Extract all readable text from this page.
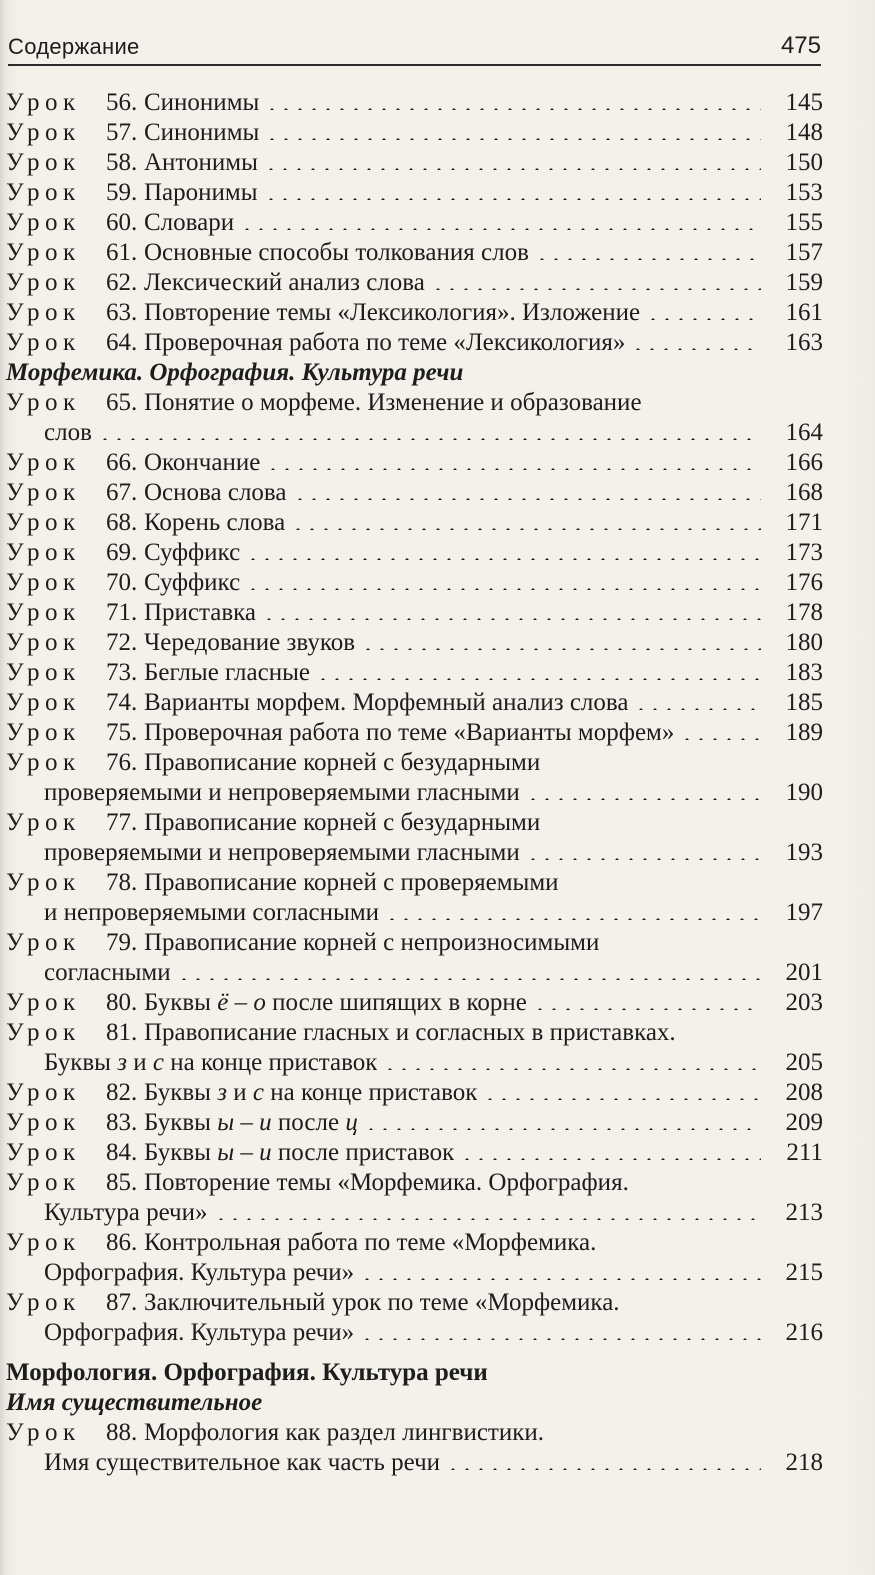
Содержание	475
Урок	56. Синонимы	145
Урок	57. Синонимы	148
Урок	58. Антонимы	150
Урок	59. Паронимы	153
Урок	60. Словари	155
Урок	61. Основные способы толкования слов	157
Урок	62. Лексический анализ слова	159
Урок	63. Повторение темы «Лексикология». Изложение	161
Урок	64. Проверочная работа по теме «Лексикология»	163
Морфемика. Орфография. Культура речи
Урок	65. Понятие о морфеме. Изменение и образование
слов	164
Урок	66. Окончание	166
Урок	67. Основа слова	168
Урок	68. Корень слова	171
Урок	69. Суффикс	173
Урок	70. Суффикс	176
Урок	71. Приставка	178
Урок	72. Чередование звуков	180
Урок	73. Беглые гласные	183
Урок	74. Варианты морфем. Морфемный анализ слова	185
Урок	75. Проверочная работа по теме «Варианты морфем»	189
Урок	76. Правописание корней с безударными
проверяемыми и непроверяемыми гласными	190
Урок	77. Правописание корней с безударными
проверяемыми и непроверяемыми гласными	193
Урок	78. Правописание корней с проверяемыми
и непроверяемыми согласными	197
Урок	79. Правописание корней с непроизносимыми
согласными	201
Урок	80. Буквы ё – о после шипящих в корне	203
Урок	81. Правописание гласных и согласных в приставках.
Буквы з и с на конце приставок	205
Урок	82. Буквы з и с на конце приставок	208
Урок	83. Буквы ы – и после ц	209
Урок	84. Буквы ы – и после приставок	211
Урок	85. Повторение темы «Морфемика. Орфография.
Культура речи»	213
Урок	86. Контрольная работа по теме «Морфемика.
Орфография. Культура речи»	215
Урок	87. Заключительный урок по теме «Морфемика.
Орфография. Культура речи»	216
Морфология. Орфография. Культура речи
Имя существительное
Урок	88. Морфология как раздел лингвистики.
Имя существительное как часть речи	218
